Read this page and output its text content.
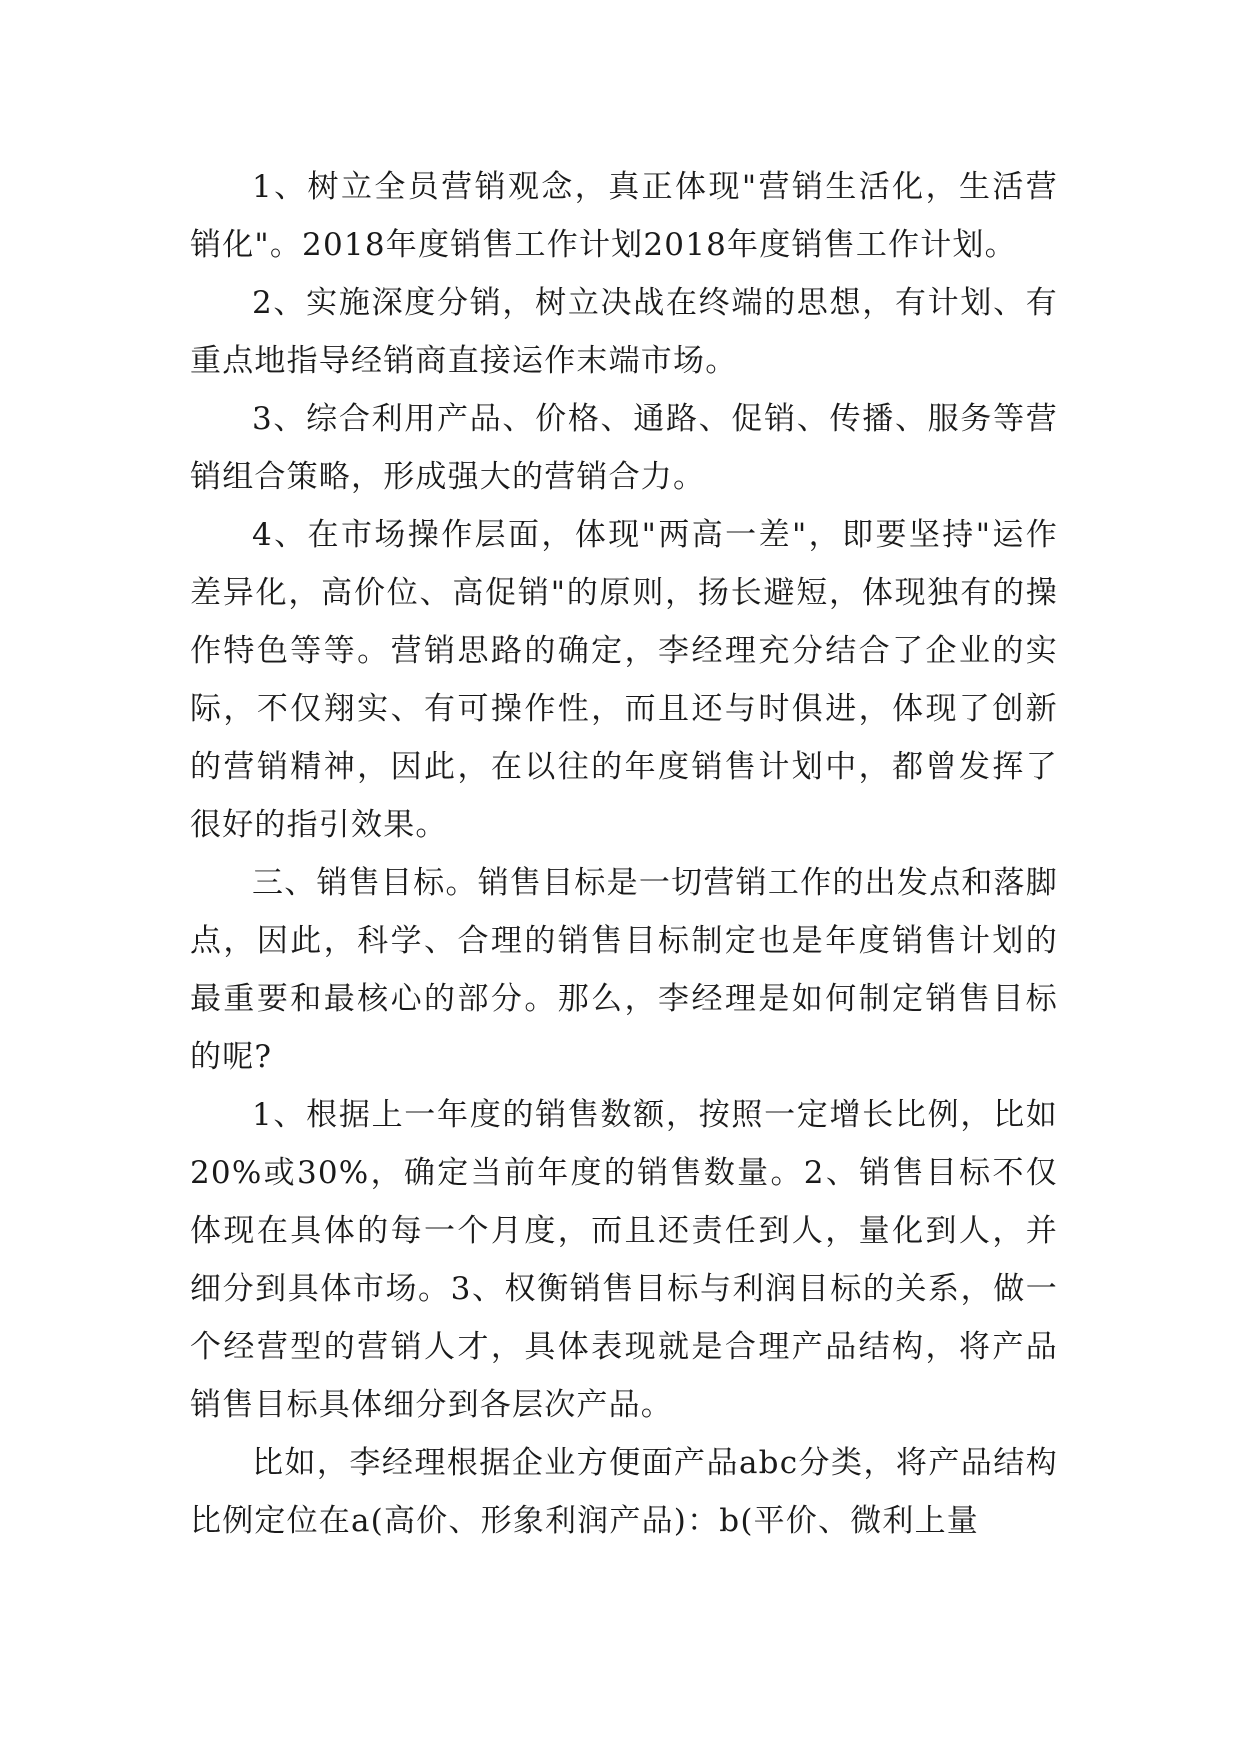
1、树立全员营销观念，真正体现"营销生活化，生活营销化"。2018年度销售工作计划2018年度销售工作计划。

2、实施深度分销，树立决战在终端的思想，有计划、有重点地指导经销商直接运作末端市场。

3、综合利用产品、价格、通路、促销、传播、服务等营销组合策略，形成强大的营销合力。

4、在市场操作层面，体现"两高一差"，即要坚持"运作差异化，高价位、高促销"的原则，扬长避短，体现独有的操作特色等等。营销思路的确定，李经理充分结合了企业的实际，不仅翔实、有可操作性，而且还与时俱进，体现了创新的营销精神，因此，在以往的年度销售计划中，都曾发挥了很好的指引效果。

三、销售目标。销售目标是一切营销工作的出发点和落脚点，因此，科学、合理的销售目标制定也是年度销售计划的最重要和最核心的部分。那么，李经理是如何制定销售目标的呢?

1、根据上一年度的销售数额，按照一定增长比例，比如20%或30%，确定当前年度的销售数量。2、销售目标不仅体现在具体的每一个月度，而且还责任到人，量化到人，并细分到具体市场。3、权衡销售目标与利润目标的关系，做一个经营型的营销人才，具体表现就是合理产品结构，将产品销售目标具体细分到各层次产品。

比如，李经理根据企业方便面产品abc分类，将产品结构比例定位在a(高价、形象利润产品)：b(平价、微利上量
